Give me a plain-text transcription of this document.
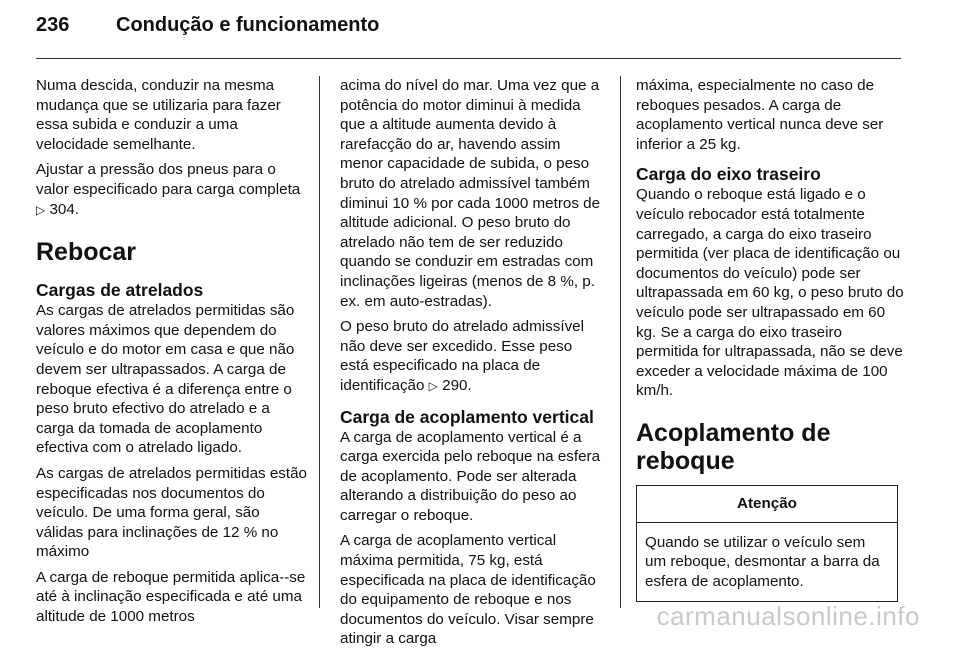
236 Condução e funcionamento

Numa descida, conduzir na mesma mudança que se utilizaria para fazer essa subida e conduzir a uma velocidade semelhante.

Ajustar a pressão dos pneus para o valor especificado para carga completa ▷ 304.

Rebocar
Cargas de atrelados

As cargas de atrelados permitidas são valores máximos que dependem do veículo e do motor em casa e que não devem ser ultrapassados. A carga de reboque efectiva é a diferença entre o peso bruto efectivo do atrelado e a carga da tomada de acoplamento efectiva com o atrelado ligado.

As cargas de atrelados permitidas estão especificadas nos documentos do veículo. De uma forma geral, são válidas para inclinações de 12 % no máximo

A carga de reboque permitida aplica--se até à inclinação especificada e até uma altitude de 1000 metros

acima do nível do mar. Uma vez que a potência do motor diminui à medida que a altitude aumenta devido à rarefacção do ar, havendo assim menor capacidade de subida, o peso bruto do atrelado admissível também diminui 10 % por cada 1000 metros de altitude adicional. O peso bruto do atrelado não tem de ser reduzido quando se conduzir em estradas com inclinações ligeiras (menos de 8 %, p. ex. em auto-estradas).

O peso bruto do atrelado admissível não deve ser excedido. Esse peso está especificado na placa de identificação ▷ 290.

Carga de acoplamento vertical

A carga de acoplamento vertical é a carga exercida pelo reboque na esfera de acoplamento. Pode ser alterada alterando a distribuição do peso ao carregar o reboque.

A carga de acoplamento vertical máxima permitida, 75 kg, está especificada na placa de identificação do equipamento de reboque e nos documentos do veículo. Visar sempre atingir a carga

máxima, especialmente no caso de reboques pesados. A carga de acoplamento vertical nunca deve ser inferior a 25 kg.

Carga do eixo traseiro

Quando o reboque está ligado e o veículo rebocador está totalmente carregado, a carga do eixo traseiro permitida (ver placa de identificação ou documentos do veículo) pode ser ultrapassada em 60 kg, o peso bruto do veículo pode ser ultrapassado em 60 kg. Se a carga do eixo traseiro permitida for ultrapassada, não se deve exceder a velocidade máxima de 100 km/h.

Acoplamento de reboque
Atenção
Quando se utilizar o veículo sem um reboque, desmontar a barra da esfera de acoplamento.
carmanualsonline.info
